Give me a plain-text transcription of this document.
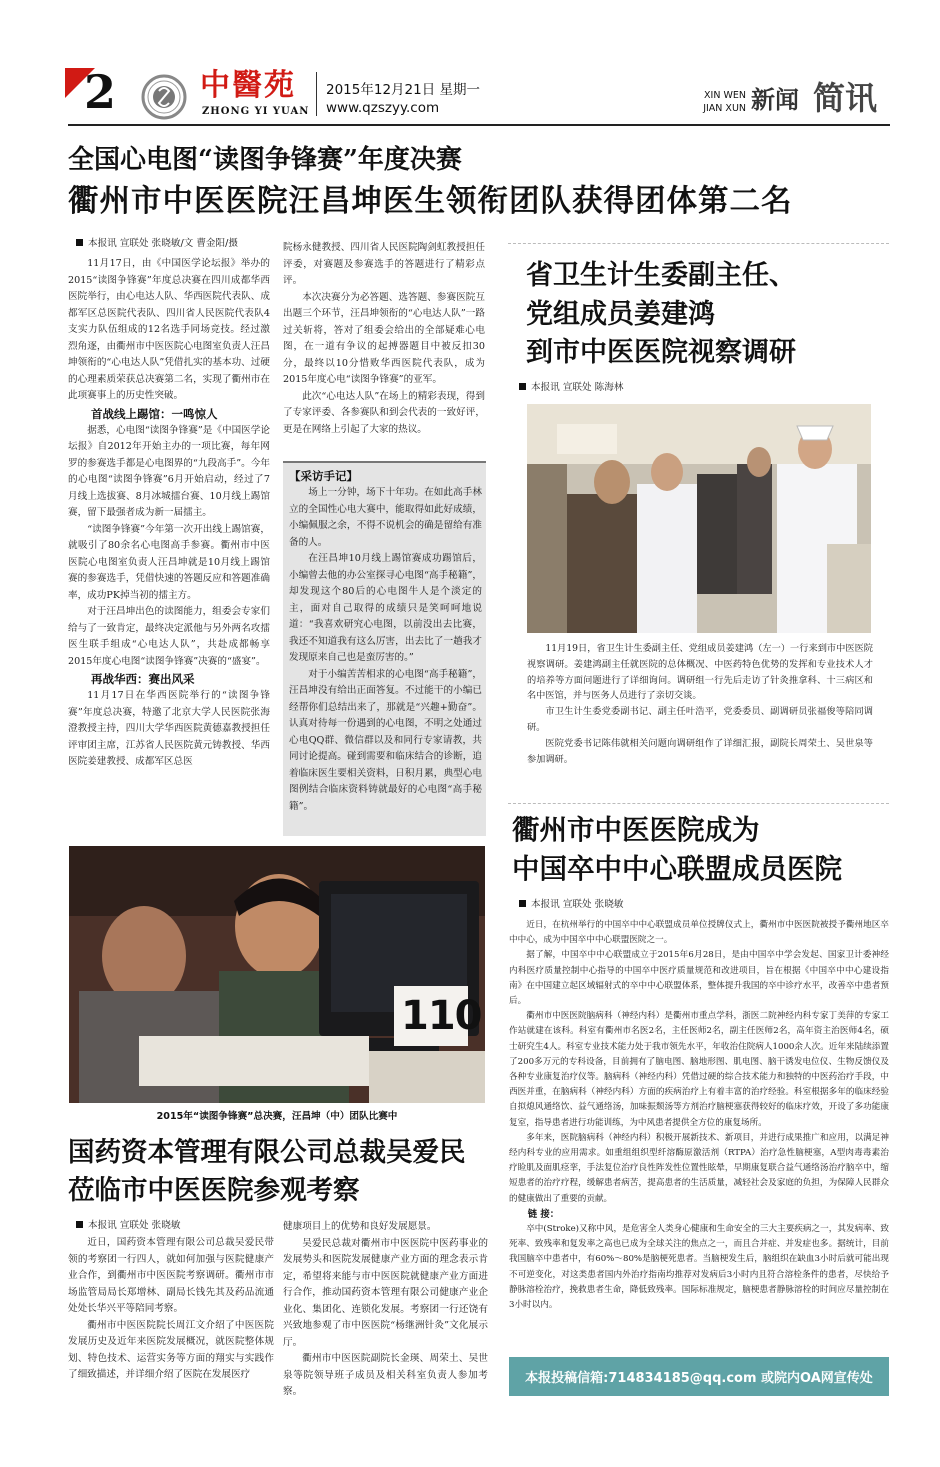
2	中醫苑
ZHONG YI YUAN
2015年12月21日 星期一
www.qzszyy.com
XIN WEN
JIAN XUN 新闻 简讯
全国心电图“读图争锋赛”年度决赛
衢州市中医医院汪昌坤医生领衔团队获得团体第二名
本报讯 宣联处 张晓敏/文 曹金阳/摄

11月17日，由《中国医学论坛报》举办的2015“读图争锋赛”年度总决赛在四川成都华西医院举行，由心电达人队、华西医院代表队、成都军区总医院代表队、四川省人民医院代表队4支实力队伍组成的12名选手同场竞技。经过激烈角逐，由衢州市中医医院心电图室负责人汪昌坤领衔的“心电达人队”凭借扎实的基本功、过硬的心理素质荣获总决赛第二名，实现了衢州市在此项赛事上的历史性突破。

首战线上踢馆：一鸣惊人

据悉，心电图“读图争锋赛”是《中国医学论坛报》自2012年开始主办的一项比赛，每年网罗的参赛选手都是心电图界的“九段高手”。今年的心电图“读图争锋赛”6月开始启动，经过了7月线上选拔赛、8月冰城擂台赛、10月线上踢馆赛，留下最强者成为新一届擂主。

“读图争锋赛”今年第一次开出线上踢馆赛，就吸引了80余名心电图高手参赛。衢州市中医医院心电图室负责人汪昌坤就是10月线上踢馆赛的参赛选手，凭借快速的答题反应和答题准确率，成功PK掉当初的擂主方。

对于汪昌坤出色的读图能力，组委会专家们给与了一致肯定，最终决定派他与另外两名攻擂医生联手组成“心电达人队”，共赴成都畅享2015年度心电图“读图争锋赛”决赛的“盛宴”。

再战华西：赛出风采

11月17日在华西医院举行的“读图争锋赛”年度总决赛，特邀了北京大学人民医院张海澄教授主持，四川大学华西医院黄德嘉教授担任评审团主席，江苏省人民医院黄元铸教授、华西医院姜建教授、成都军区总医

院杨永健教授、四川省人民医院陶剑虹教授担任评委，对赛题及参赛选手的答题进行了精彩点评。

本次决赛分为必答题、选答题、参赛医院互出题三个环节，汪昌坤领衔的“心电达人队”一路过关斩将，答对了组委会给出的全部疑难心电图，在一道有争议的起搏器题目中被反扣30分，最终以10分惜败华西医院代表队，成为2015年度心电“读图争锋赛”的亚军。

此次“心电达人队”在场上的精彩表现，得到了专家评委、各参赛队和到会代表的一致好评，更是在网络上引起了大家的热议。

【采访手记】

场上一分钟，场下十年功。在如此高手林立的全国性心电大赛中，能取得如此好成绩，小编佩服之余，不得不说机会的确是留给有准备的人。

在汪昌坤10月线上踢馆赛成功踢馆后，小编曾去他的办公室探寻心电图“高手秘籍”，却发现这个80后的心电图牛人是个淡定的主，面对自己取得的成绩只是笑呵呵地说道：“我喜欢研究心电图，以前没出去比赛，我还不知道我有这么厉害，出去比了一趟我才发现原来自己也是蛮厉害的。”

对于小编苦苦相求的心电图“高手秘籍”，汪昌坤没有给出正面答复。不过能干的小编已经帮你们总结出来了，那就是“兴趣+勤奋”。认真对待每一份遇到的心电图，不明之处通过心电QQ群、微信群以及和同行专家请教，共同讨论提高。碰到需要和临床结合的诊断，追着临床医生要相关资料，日积月累，典型心电图例结合临床资料铸就最好的心电图“高手秘籍”。

110
2015年“读图争锋赛”总决赛，汪昌坤（中）团队比赛中
省卫生计生委副主任、
党组成员姜建鸿
到市中医医院视察调研
本报讯 宣联处 陈海林

11月19日，省卫生计生委副主任、党组成员姜建鸿（左一）一行来到市中医医院视察调研。姜建鸿副主任就医院的总体概况、中医药特色优势的发挥和专业技术人才的培养等方面问题进行了详细询问。调研组一行先后走访了针灸推拿科、十三病区和名中医馆，并与医务人员进行了亲切交谈。

市卫生计生委党委副书记、副主任叶浩平，党委委员、副调研员张福俊等陪同调研。

医院党委书记陈伟就相关问题向调研组作了详细汇报，副院长周荣土、吴世泉等参加调研。

衢州市中医医院成为
中国卒中中心联盟成员医院
本报讯 宣联处 张晓敏

近日，在杭州举行的中国卒中中心联盟成员单位授牌仪式上，衢州市中医医院被授予衢州地区卒中中心，成为中国卒中中心联盟医院之一。

据了解，中国卒中中心联盟成立于2015年6月28日，是由中国卒中学会发起、国家卫计委神经内科医疗质量控制中心指导的中国卒中医疗质量规范和改进项目，旨在根据《中国卒中中心建设指南》在中国建立起区域辐射式的卒中中心联盟体系，整体提升我国的卒中诊疗水平，改善卒中患者预后。

衢州市中医医院脑病科（神经内科）是衢州市重点学科，浙医二院神经内科专家丁美萍的专家工作站就建在该科。科室有衢州市名医2名，主任医师2名，副主任医师2名，高年资主治医师4名，硕士研究生4人。科室专业技术能力处于我市领先水平，年收治住院病人1000余人次。近年来陆续添置了200多万元的专科设备，目前拥有了脑电图、脑地形图、肌电图、脑干诱发电位仪、生物反馈仪及各种专业康复治疗仪等。脑病科（神经内科）凭借过硬的综合技术能力和独特的中医药治疗手段，中西医并重，在脑病科（神经内科）方面的疾病治疗上有着丰富的治疗经验。科室根据多年的临床经验自拟熄风通络饮、益气通络汤，加味振颓汤等方剂治疗脑梗塞获得较好的临床疗效，开设了多功能康复室，指导患者进行功能训练，为中风患者提供全方位的康复场所。

多年来，医院脑病科（神经内科）积极开展新技术、新项目，并进行成果推广和应用，以满足神经内科专业的应用需求。如重组组织型纤溶酶原激活剂（RTPA）治疗急性脑梗塞，A型肉毒毒素治疗睑肌及面肌痉挛，手法复位治疗良性阵发性位置性眩晕，早期康复联合益气通络汤治疗脑卒中，缩短患者的治疗疗程，缓解患者病苦，提高患者的生活质量，减轻社会及家庭的负担，为保障人民群众的健康做出了重要的贡献。

链 接：

卒中(Stroke)又称中风，是危害全人类身心健康和生命安全的三大主要疾病之一，其发病率、致死率、致残率和复发率之高也已成为全球关注的焦点之一，而且合并症、并发症也多。据统计，目前我国脑卒中患者中，有60%～80%是脑梗死患者。当脑梗发生后，脑组织在缺血3小时后就可能出现不可逆变化，对这类患者国内外治疗指南均推荐对发病后3小时内且符合溶栓条件的患者，尽快给予静脉溶栓治疗，挽救患者生命，降低致残率。国际标准规定，脑梗患者静脉溶栓的时间应尽量控制在3小时以内。

国药资本管理有限公司总裁吴爱民
莅临市中医医院参观考察
本报讯 宣联处 张晓敏

近日，国药资本管理有限公司总裁吴爱民带领的考察团一行四人，就如何加强与医院健康产业合作，到衢州市中医医院考察调研。衢州市市场监管局局长郑增林、副局长钱先其及药品流通处处长华兴平等陪同考察。

衢州市中医医院院长周江文介绍了中医医院发展历史及近年来医院发展概况，就医院整体规划、特色技术、运营实务等方面的翔实与实践作了细致描述，并详细介绍了医院在发展医疗

健康项目上的优势和良好发展愿景。

吴爱民总裁对衢州市中医医院中医药事业的发展势头和医院发展健康产业方面的理念表示肯定，希望将来能与市中医医院就健康产业方面进行合作，推动国药资本管理有限公司健康产业企业化、集团化、连锁化发展。考察团一行还饶有兴致地参观了市中医医院“杨继洲针灸”文化展示厅。

衢州市中医医院副院长金瑛、周荣土、吴世泉等院领导班子成员及相关科室负责人参加考察。

本报投稿信箱:714834185@qq.com 或院内OA网宣传处
